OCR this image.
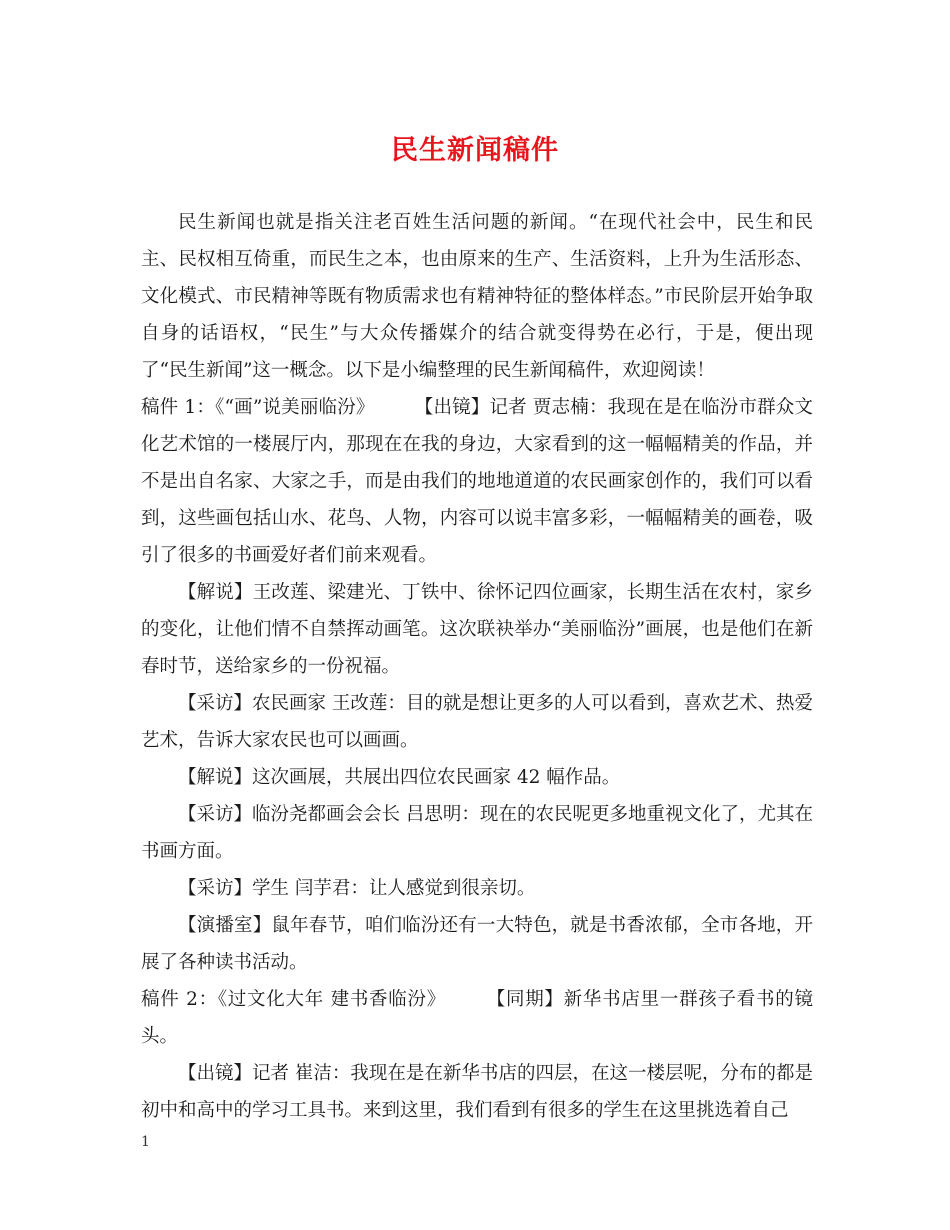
民生新闻稿件

民生新闻也就是指关注老百姓生活问题的新闻。“在现代社会中，民生和民主、民权相互倚重，而民生之本，也由原来的生产、生活资料，上升为生活形态、文化模式、市民精神等既有物质需求也有精神特征的整体样态。”市民阶层开始争取自身的话语权，“民生”与大众传播媒介的结合就变得势在必行，于是，便出现了“民生新闻”这一概念。以下是小编整理的民生新闻稿件，欢迎阅读！

稿件 1：《“画”说美丽临汾》 【出镜】记者 贾志楠：我现在是在临汾市群众文化艺术馆的一楼展厅内，那现在在我的身边，大家看到的这一幅幅精美的作品，并不是出自名家、大家之手，而是由我们的地地道道的农民画家创作的，我们可以看到，这些画包括山水、花鸟、人物，内容可以说丰富多彩，一幅幅精美的画卷，吸引了很多的书画爱好者们前来观看。

【解说】王改莲、梁建光、丁铁中、徐怀记四位画家，长期生活在农村，家乡的变化，让他们情不自禁挥动画笔。这次联袂举办“美丽临汾”画展，也是他们在新春时节，送给家乡的一份祝福。

【采访】农民画家 王改莲：目的就是想让更多的人可以看到，喜欢艺术、热爱艺术，告诉大家农民也可以画画。

【解说】这次画展，共展出四位农民画家 42 幅作品。

【采访】临汾尧都画会会长 吕思明：现在的农民呢更多地重视文化了，尤其在书画方面。

【采访】学生 闫芋君：让人感觉到很亲切。

【演播室】鼠年春节，咱们临汾还有一大特色，就是书香浓郁，全市各地，开展了各种读书活动。

稿件 2：《过文化大年 建书香临汾》 【同期】新华书店里一群孩子看书的镜头。

【出镜】记者 崔洁：我现在是在新华书店的四层，在这一楼层呢，分布的都是初中和高中的学习工具书。来到这里，我们看到有很多的学生在这里挑选着自己

1
